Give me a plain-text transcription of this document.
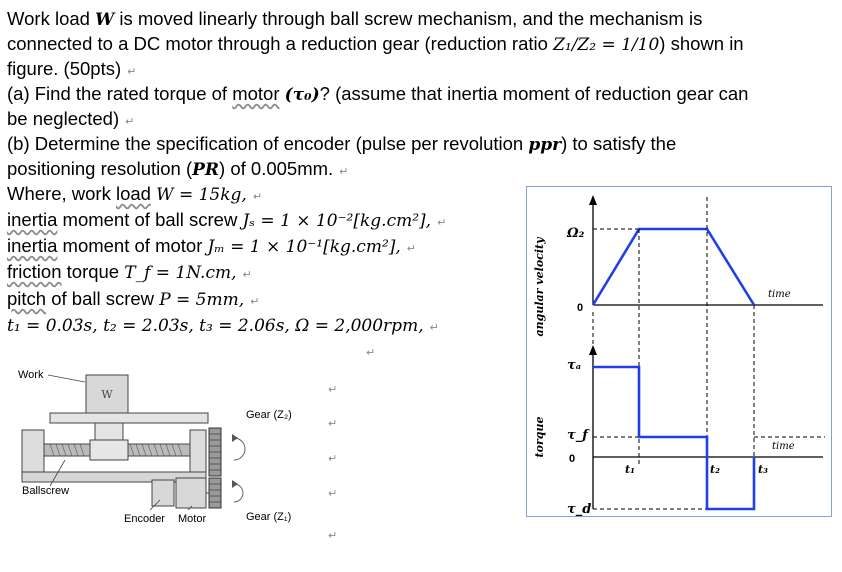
Work load W is moved linearly through ball screw mechanism, and the mechanism is
connected to a DC motor through a reduction gear (reduction ratio Z₁/Z₂ = 1/10) shown in
figure. (50pts) ↵
(a) Find the rated torque of motor (τ₀)? (assume that inertia moment of reduction gear can
be neglected) ↵
(b) Determine the specification of encoder (pulse per revolution ppr) to satisfy the
positioning resolution (PR) of 0.005mm. ↵
Where, work load W = 15kg, ↵
inertia moment of ball screw Jₛ = 1 × 10⁻²[kg.cm²], ↵
inertia moment of motor Jₘ = 1 × 10⁻¹[kg.cm²], ↵
friction torque T_f = 1N.cm, ↵
pitch of ball screw P = 5mm, ↵
t₁ = 0.03s, t₂ = 2.03s, t₃ = 2.06s, Ω = 2,000rpm, ↵
↵
↵
↵
↵
↵
↵
Work
W
Gear (Z₂)
Gear (Z₁)
Encoder Motor
Ballscrew
angular velocity
torque
Ω₂
0
time
τₐ
τ_f
0
τ_d
time
t₁	t₂	t₃
